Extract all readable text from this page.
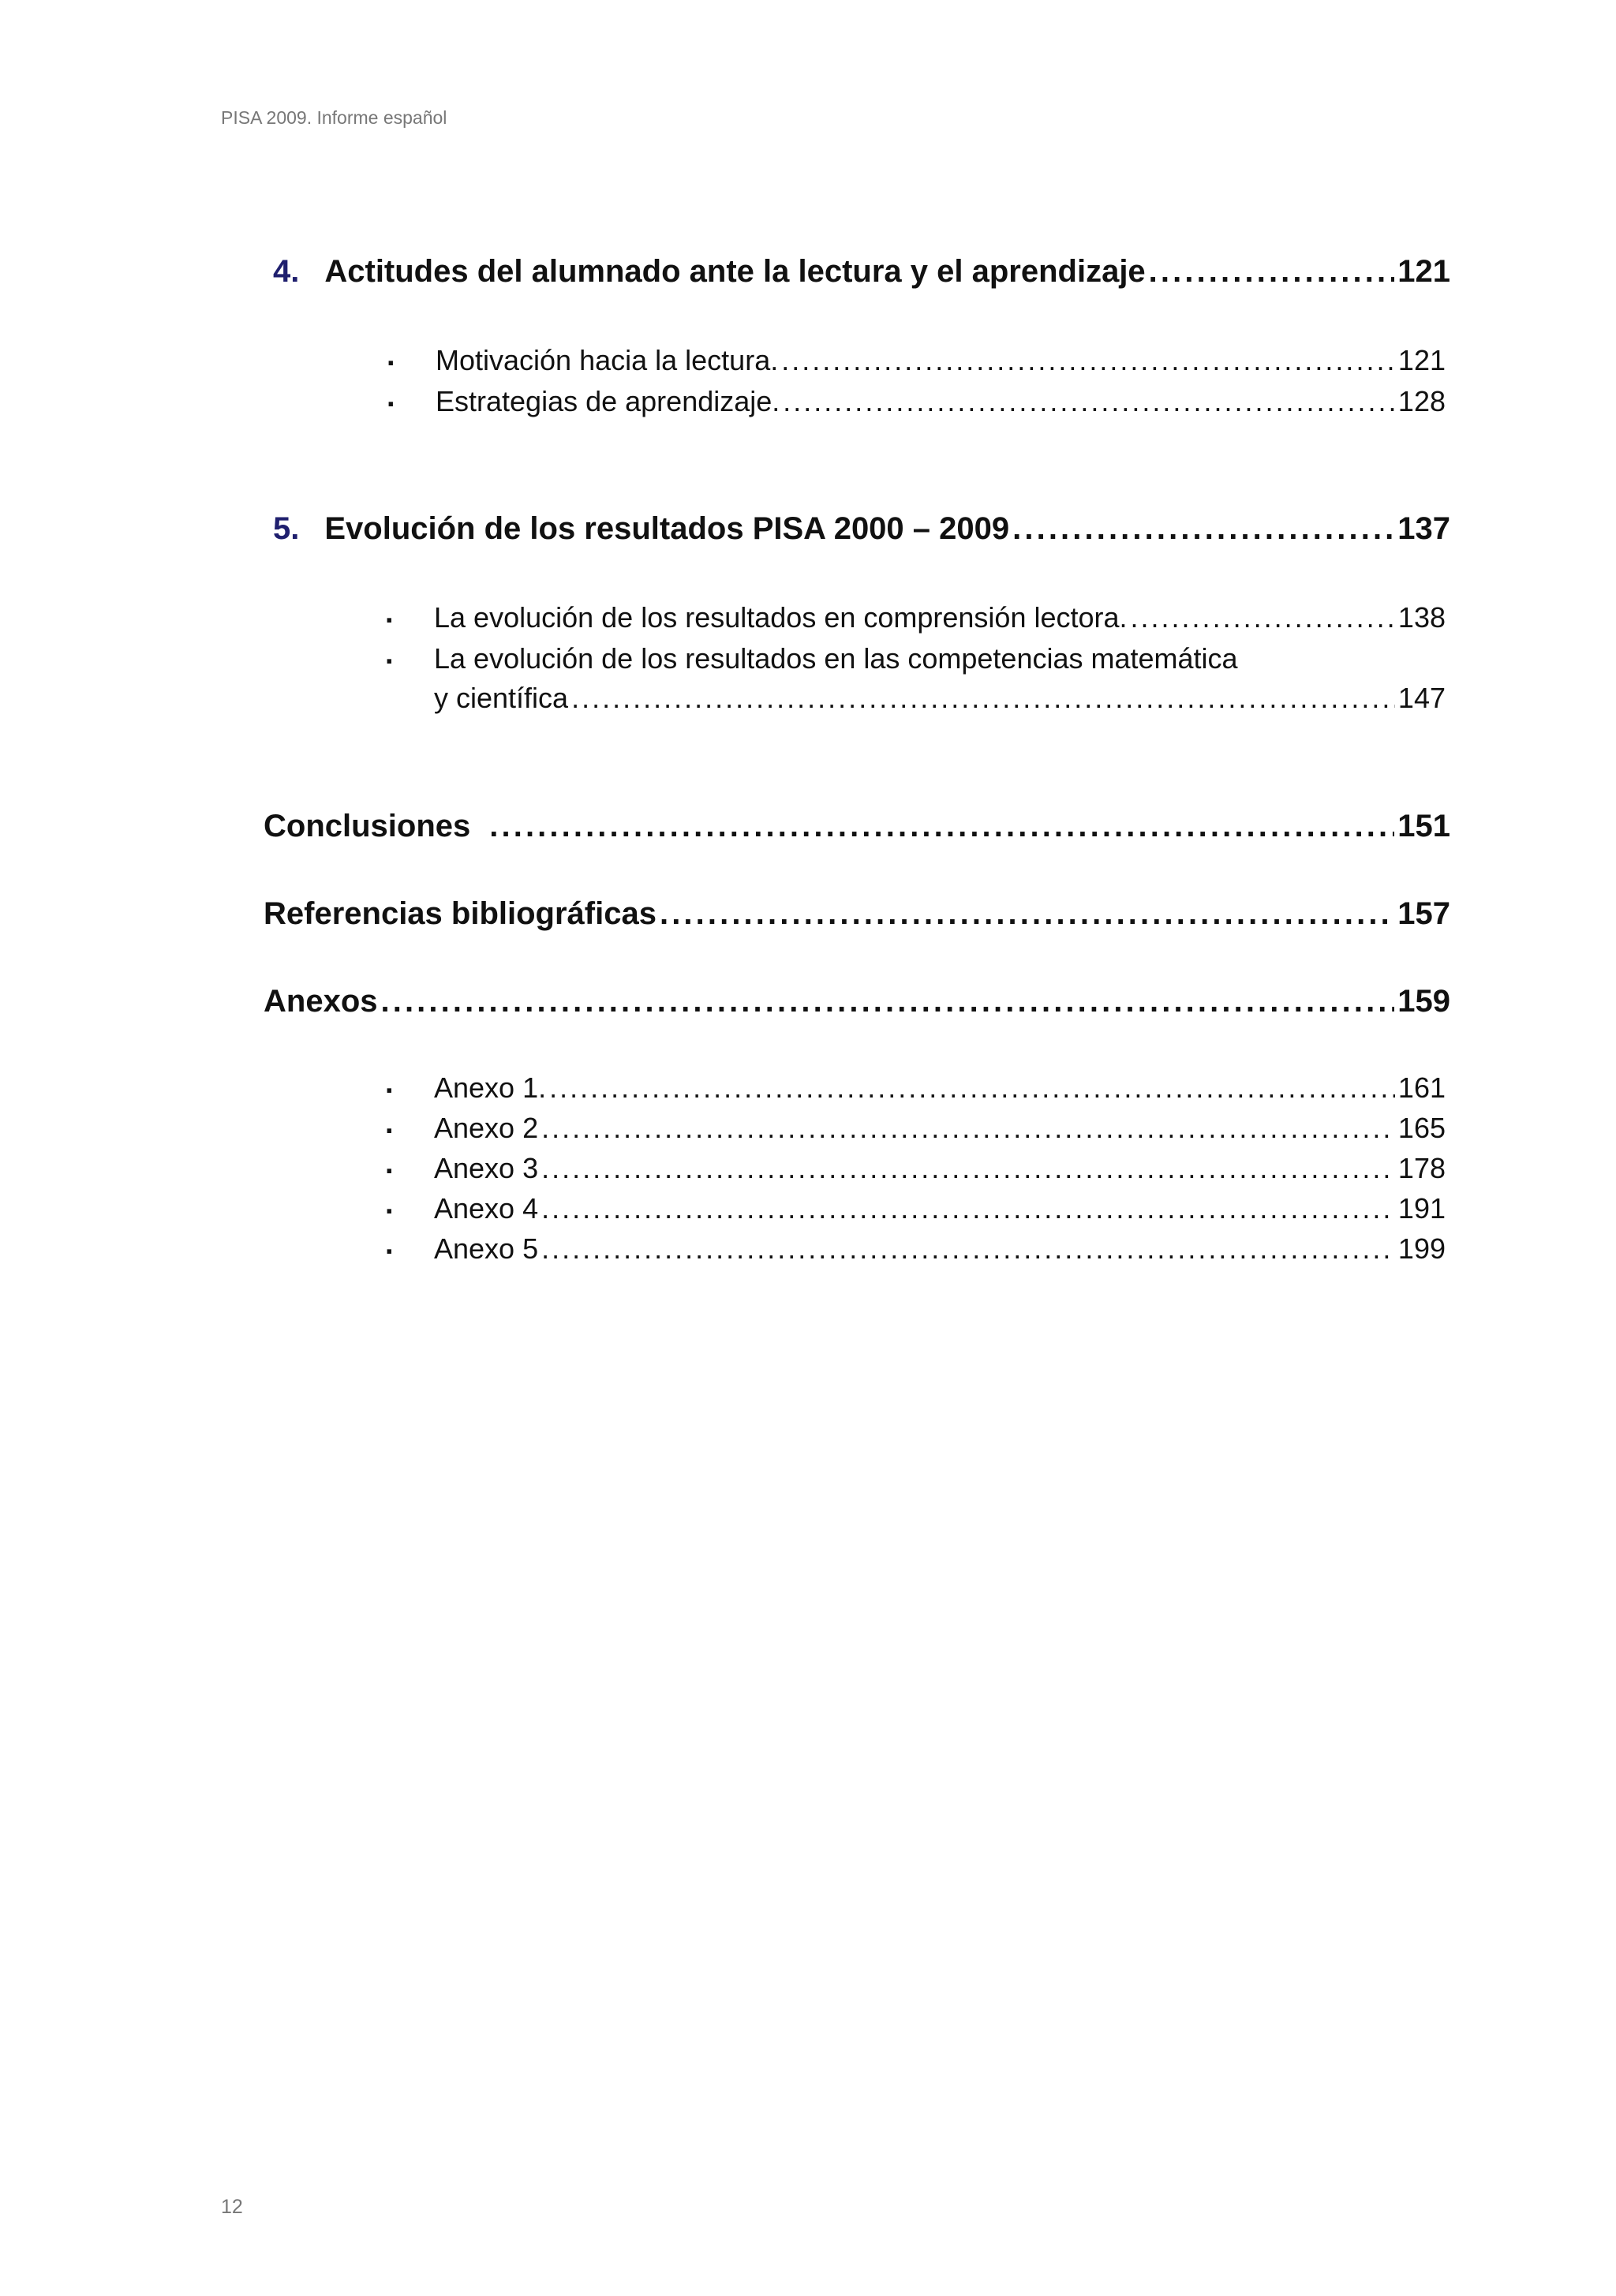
PISA 2009. Informe español
4. Actitudes del alumnado ante la lectura y el aprendizaje . . .	121
. Motivación hacia la lectura. . . .	121
. Estrategias de aprendizaje. . . .	128
5. Evolución de los resultados PISA 2000 – 2009 . . .	137
. La evolución de los resultados en comprensión lectora. . . .	138
. La evolución de los resultados en las competencias matemática
y científica . . .	147
Conclusiones . . .	151
Referencias bibliográficas . . .	157
Anexos . . .	159
. Anexo 1. . . .	161
. Anexo 2 . . .	165
. Anexo 3 . . .	178
. Anexo 4 . . .	191
. Anexo 5 . . .	199
12
